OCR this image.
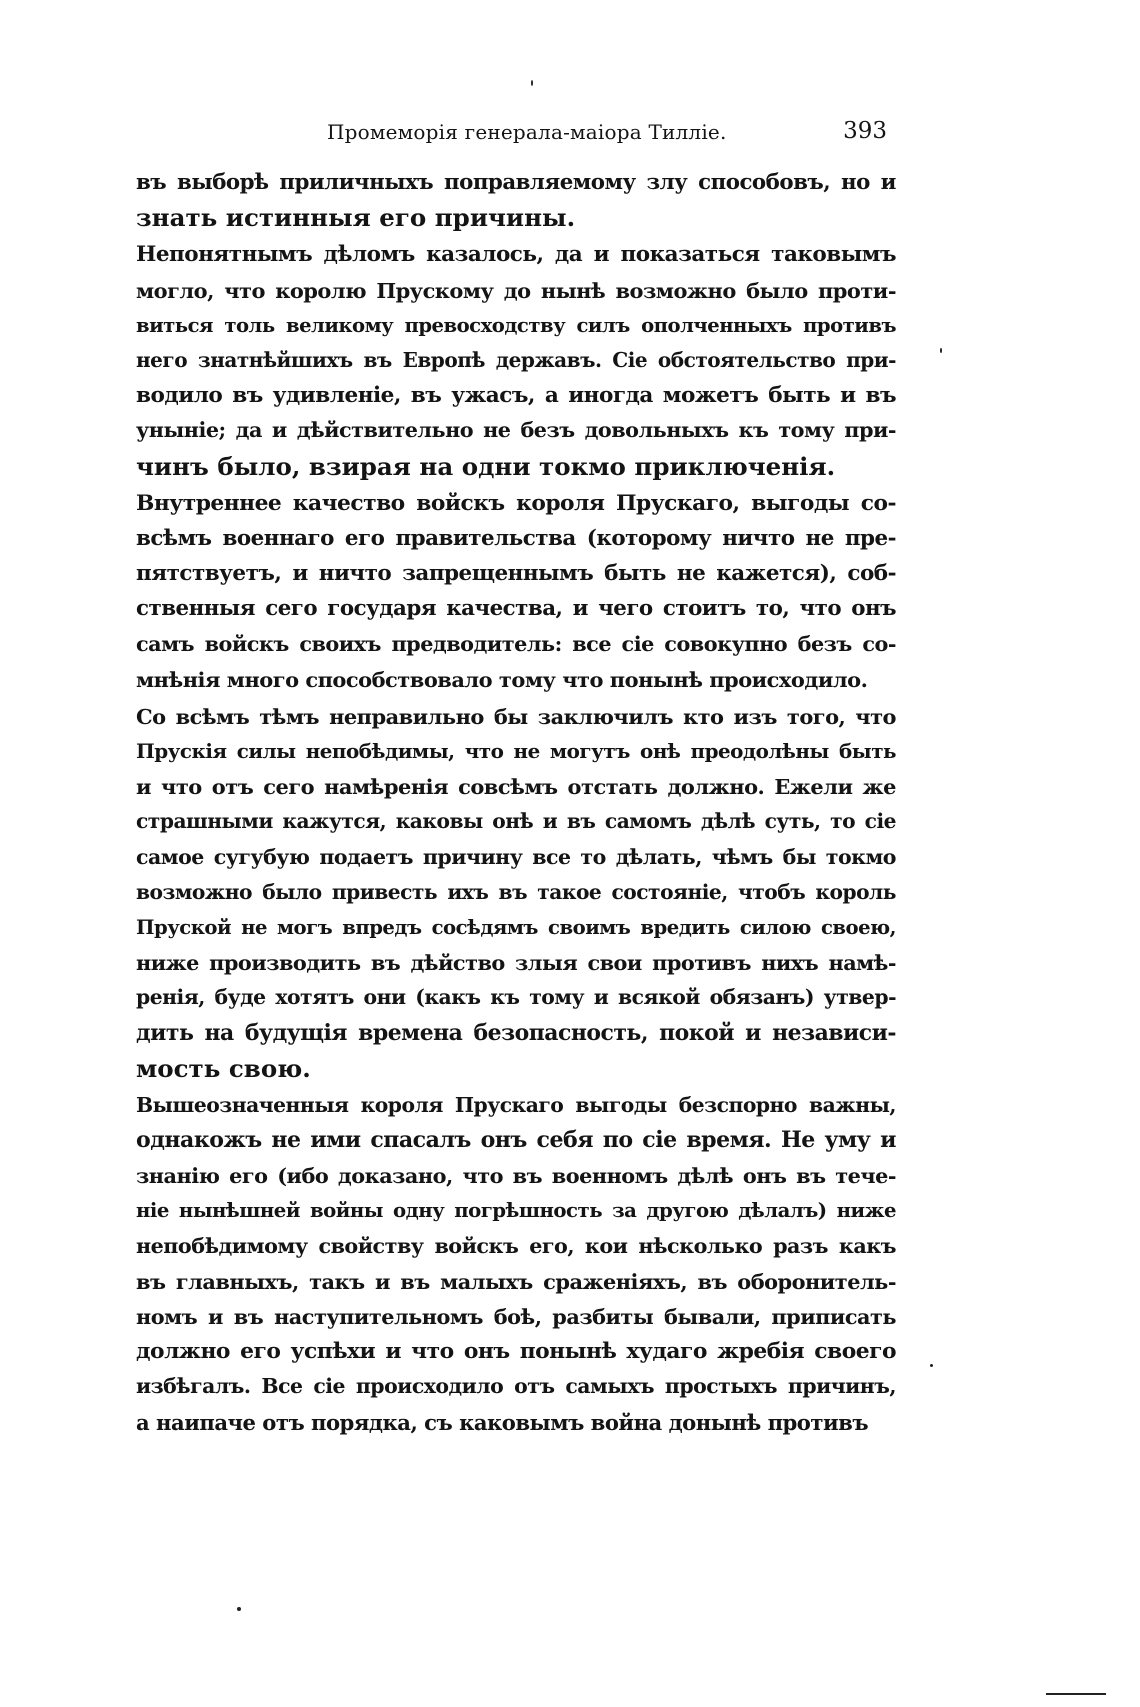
Промеморія генерала-маіора Тилліе.	393
въ выборѣ приличныхъ поправляемому злу способовъ, но и
знать истинныя его причины.
Непонятнымъ дѣломъ казалось, да и показаться таковымъ
могло, что королю Прускому до нынѣ возможно было проти-
виться толь великому превосходству силъ ополченныхъ противъ
него знатнѣйшихъ въ Европѣ державъ. Сіе обстоятельство при-
водило въ удивленіе, въ ужасъ, а иногда можетъ быть и въ
уныніе; да и дѣйствительно не безъ довольныхъ къ тому при-
чинъ было, взирая на одни токмо приключенія.
Внутреннее качество войскъ короля Прускаго, выгоды со-
всѣмъ военнаго его правительства (которому ничто не пре-
пятствуетъ, и ничто запрещеннымъ быть не кажется), соб-
ственныя сего государя качества, и чего стоитъ то, что онъ
самъ войскъ своихъ предводитель: все сіе совокупно безъ со-
мнѣнія много способствовало тому что понынѣ происходило.
Со всѣмъ тѣмъ неправильно бы заключилъ кто изъ того, что
Прускія силы непобѣдимы, что не могутъ онѣ преодолѣны быть
и что отъ сего намѣренія совсѣмъ отстать должно. Ежели же
страшными кажутся, каковы онѣ и въ самомъ дѣлѣ суть, то сіе
самое сугубую подаетъ причину все то дѣлать, чѣмъ бы токмо
возможно было привесть ихъ въ такое состояніе, чтобъ король
Пруской не могъ впредъ сосѣдямъ своимъ вредить силою своею,
ниже производить въ дѣйство злыя свои противъ нихъ намѣ-
ренія, буде хотятъ они (какъ къ тому и всякой обязанъ) утвер-
дить на будущія времена безопасность, покой и независи-
мость свою.
Вышеозначенныя короля Прускаго выгоды безспорно важны,
однакожъ не ими спасалъ онъ себя по сіе время. Не уму и
знанію его (ибо доказано, что въ военномъ дѣлѣ онъ въ тече-
ніе нынѣшней войны одну погрѣшность за другою дѣлалъ) ниже
непобѣдимому свойству войскъ его, кои нѣсколько разъ какъ
въ главныхъ, такъ и въ малыхъ сраженіяхъ, въ оборонитель-
номъ и въ наступительномъ боѣ, разбиты бывали, приписать
должно его успѣхи и что онъ понынѣ худаго жребія своего
избѣгалъ. Все сіе происходило отъ самыхъ простыхъ причинъ,
а наипаче отъ порядка, съ каковымъ война донынѣ противъ
